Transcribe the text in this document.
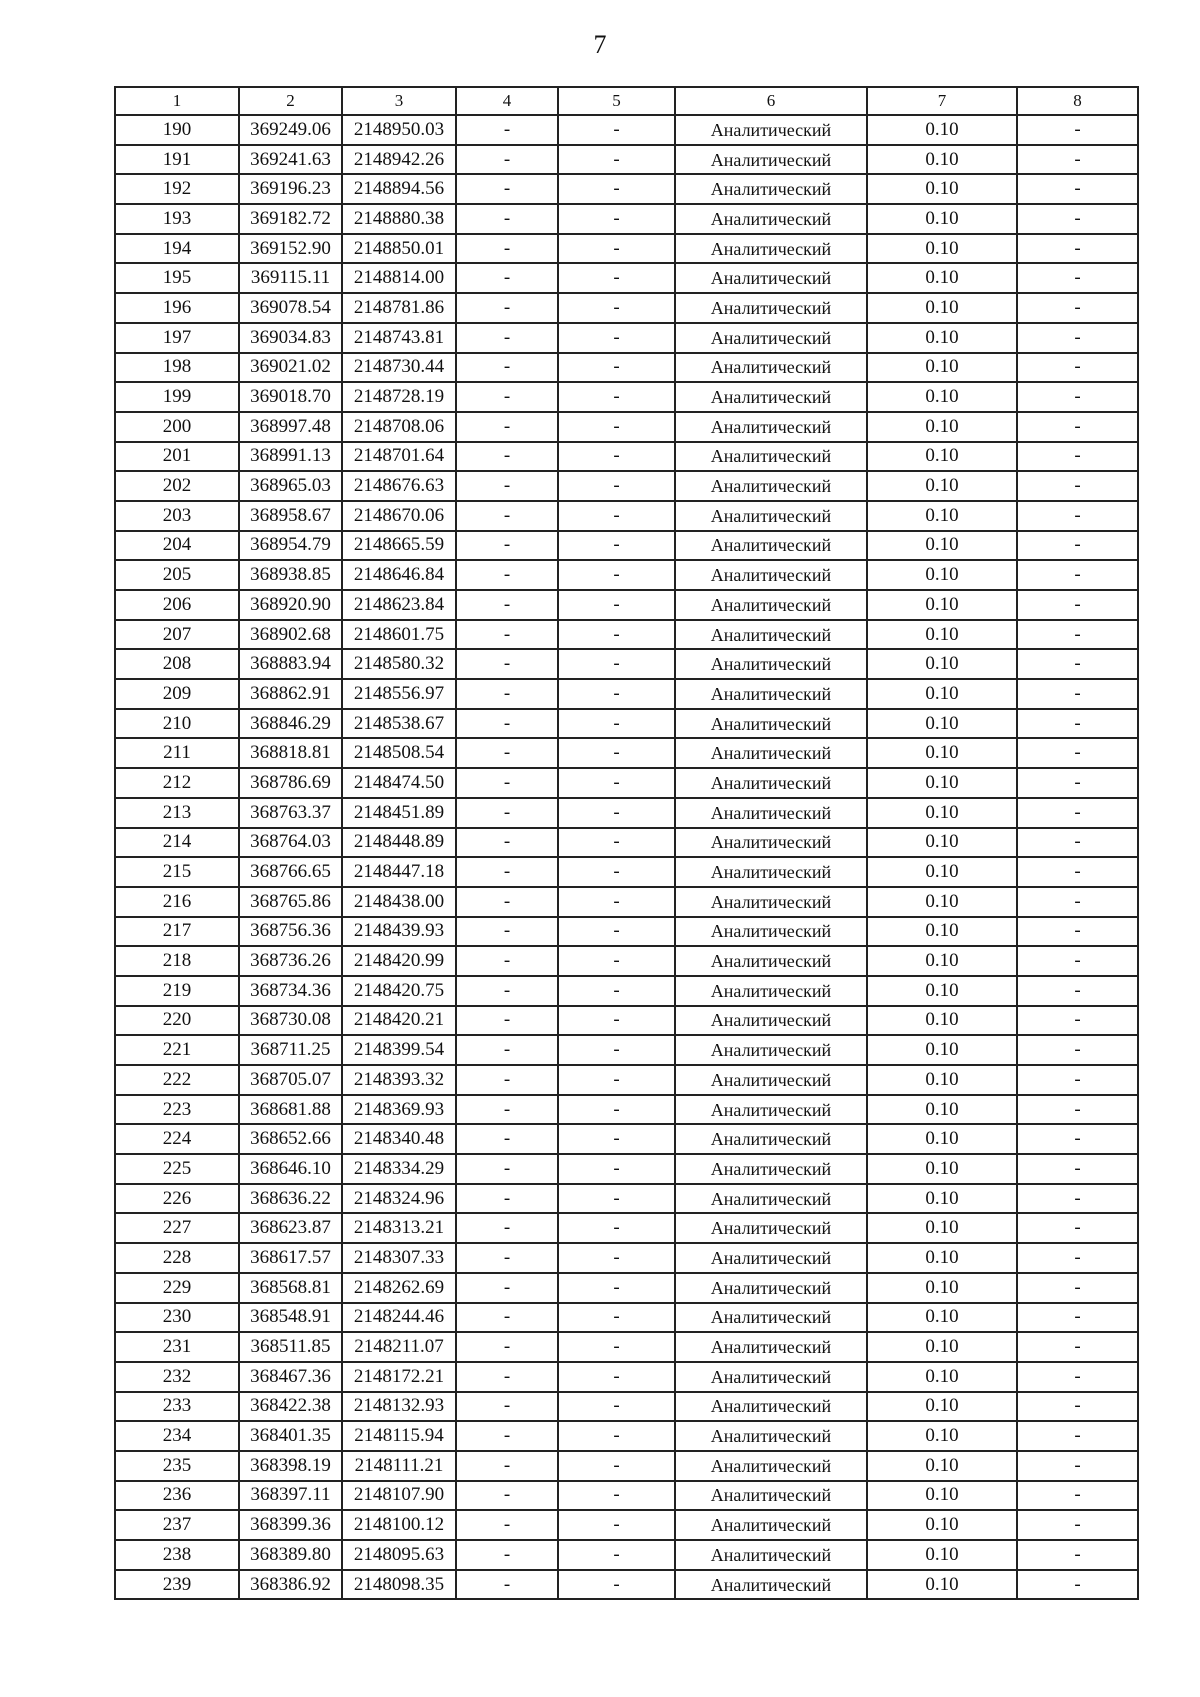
7
1	2	3	4	5	6	7	8
190	369249.06	2148950.03	-	-	Аналитический	0.10	-
191	369241.63	2148942.26	-	-	Аналитический	0.10	-
192	369196.23	2148894.56	-	-	Аналитический	0.10	-
193	369182.72	2148880.38	-	-	Аналитический	0.10	-
194	369152.90	2148850.01	-	-	Аналитический	0.10	-
195	369115.11	2148814.00	-	-	Аналитический	0.10	-
196	369078.54	2148781.86	-	-	Аналитический	0.10	-
197	369034.83	2148743.81	-	-	Аналитический	0.10	-
198	369021.02	2148730.44	-	-	Аналитический	0.10	-
199	369018.70	2148728.19	-	-	Аналитический	0.10	-
200	368997.48	2148708.06	-	-	Аналитический	0.10	-
201	368991.13	2148701.64	-	-	Аналитический	0.10	-
202	368965.03	2148676.63	-	-	Аналитический	0.10	-
203	368958.67	2148670.06	-	-	Аналитический	0.10	-
204	368954.79	2148665.59	-	-	Аналитический	0.10	-
205	368938.85	2148646.84	-	-	Аналитический	0.10	-
206	368920.90	2148623.84	-	-	Аналитический	0.10	-
207	368902.68	2148601.75	-	-	Аналитический	0.10	-
208	368883.94	2148580.32	-	-	Аналитический	0.10	-
209	368862.91	2148556.97	-	-	Аналитический	0.10	-
210	368846.29	2148538.67	-	-	Аналитический	0.10	-
211	368818.81	2148508.54	-	-	Аналитический	0.10	-
212	368786.69	2148474.50	-	-	Аналитический	0.10	-
213	368763.37	2148451.89	-	-	Аналитический	0.10	-
214	368764.03	2148448.89	-	-	Аналитический	0.10	-
215	368766.65	2148447.18	-	-	Аналитический	0.10	-
216	368765.86	2148438.00	-	-	Аналитический	0.10	-
217	368756.36	2148439.93	-	-	Аналитический	0.10	-
218	368736.26	2148420.99	-	-	Аналитический	0.10	-
219	368734.36	2148420.75	-	-	Аналитический	0.10	-
220	368730.08	2148420.21	-	-	Аналитический	0.10	-
221	368711.25	2148399.54	-	-	Аналитический	0.10	-
222	368705.07	2148393.32	-	-	Аналитический	0.10	-
223	368681.88	2148369.93	-	-	Аналитический	0.10	-
224	368652.66	2148340.48	-	-	Аналитический	0.10	-
225	368646.10	2148334.29	-	-	Аналитический	0.10	-
226	368636.22	2148324.96	-	-	Аналитический	0.10	-
227	368623.87	2148313.21	-	-	Аналитический	0.10	-
228	368617.57	2148307.33	-	-	Аналитический	0.10	-
229	368568.81	2148262.69	-	-	Аналитический	0.10	-
230	368548.91	2148244.46	-	-	Аналитический	0.10	-
231	368511.85	2148211.07	-	-	Аналитический	0.10	-
232	368467.36	2148172.21	-	-	Аналитический	0.10	-
233	368422.38	2148132.93	-	-	Аналитический	0.10	-
234	368401.35	2148115.94	-	-	Аналитический	0.10	-
235	368398.19	2148111.21	-	-	Аналитический	0.10	-
236	368397.11	2148107.90	-	-	Аналитический	0.10	-
237	368399.36	2148100.12	-	-	Аналитический	0.10	-
238	368389.80	2148095.63	-	-	Аналитический	0.10	-
239	368386.92	2148098.35	-	-	Аналитический	0.10	-
